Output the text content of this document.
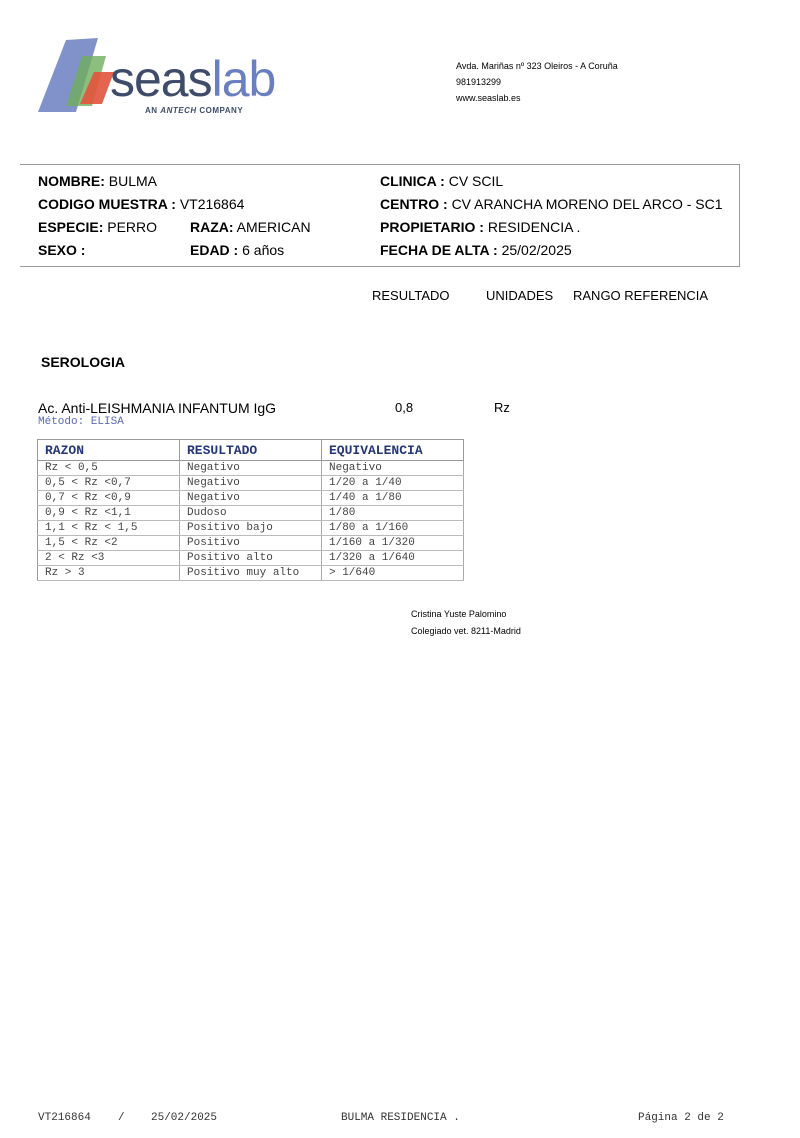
seaslab
AN ANTECH COMPANY
Avda. Mariñas nº 323 Oleiros - A Coruña
981913299
www.seaslab.es
NOMBRE: BULMA
CODIGO MUESTRA : VT216864
ESPECIE: PERRO RAZA: AMERICAN
SEXO :	EDAD : 6 años
CLINICA : CV SCIL
CENTRO : CV ARANCHA MORENO DEL ARCO - SC1
PROPIETARIO : RESIDENCIA .
FECHA DE ALTA : 25/02/2025
RESULTADO	UNIDADES RANGO REFERENCIA
SEROLOGIA
Ac. Anti-LEISHMANIA INFANTUM IgG	0,8	Rz
Método: ELISA
RAZON	RESULTADO	EQUIVALENCIA
Rz < 0,5	Negativo	Negativo
0,5 < Rz <0,7	Negativo	1/20 a 1/40
0,7 < Rz <0,9	Negativo	1/40 a 1/80
0,9 < Rz <1,1	Dudoso	1/80
1,1 < Rz < 1,5	Positivo bajo	1/80 a 1/160
1,5 < Rz <2	Positivo	1/160 a 1/320
2 < Rz <3	Positivo alto	1/320 a 1/640
Rz > 3	Positivo muy alto	> 1/640
Cristina Yuste Palomino
Colegiado vet. 8211-Madrid
VT216864 / 25/02/2025	BULMA RESIDENCIA .	Página 2 de 2
